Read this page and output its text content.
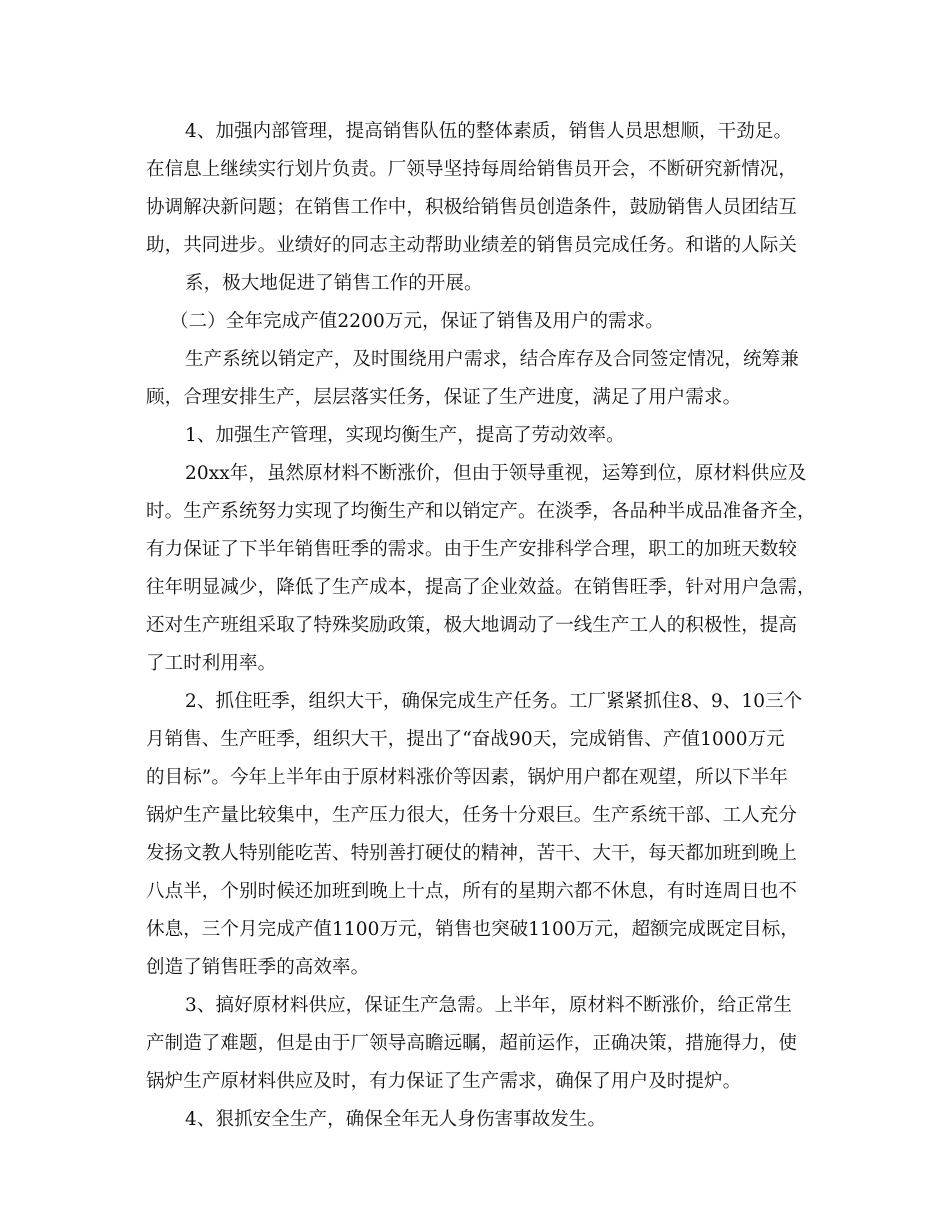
4、加强内部管理，提高销售队伍的整体素质，销售人员思想顺，干劲足。
在信息上继续实行划片负责。厂领导坚持每周给销售员开会，不断研究新情况，
协调解决新问题；在销售工作中，积极给销售员创造条件，鼓励销售人员团结互
助，共同进步。业绩好的同志主动帮助业绩差的销售员完成任务。和谐的人际关
系，极大地促进了销售工作的开展。
（二）全年完成产值2200万元，保证了销售及用户的需求。
生产系统以销定产，及时围绕用户需求，结合库存及合同签定情况，统筹兼
顾，合理安排生产，层层落实任务，保证了生产进度，满足了用户需求。
1、加强生产管理，实现均衡生产，提高了劳动效率。
20xx年，虽然原材料不断涨价，但由于领导重视，运筹到位，原材料供应及
时。生产系统努力实现了均衡生产和以销定产。在淡季，各品种半成品准备齐全，
有力保证了下半年销售旺季的需求。由于生产安排科学合理，职工的加班天数较
往年明显减少，降低了生产成本，提高了企业效益。在销售旺季，针对用户急需，
还对生产班组采取了特殊奖励政策，极大地调动了一线生产工人的积极性，提高
了工时利用率。
2、抓住旺季，组织大干，确保完成生产任务。工厂紧紧抓住8、9、10三个
月销售、生产旺季，组织大干，提出了“奋战90天，完成销售、产值1000万元
的目标”。今年上半年由于原材料涨价等因素，锅炉用户都在观望，所以下半年
锅炉生产量比较集中，生产压力很大，任务十分艰巨。生产系统干部、工人充分
发扬文教人特别能吃苦、特别善打硬仗的精神，苦干、大干，每天都加班到晚上
八点半，个别时候还加班到晚上十点，所有的星期六都不休息，有时连周日也不
休息，三个月完成产值1100万元，销售也突破1100万元，超额完成既定目标，
创造了销售旺季的高效率。
3、搞好原材料供应，保证生产急需。上半年，原材料不断涨价，给正常生
产制造了难题，但是由于厂领导高瞻远瞩，超前运作，正确决策，措施得力，使
锅炉生产原材料供应及时，有力保证了生产需求，确保了用户及时提炉。
4、狠抓安全生产，确保全年无人身伤害事故发生。
